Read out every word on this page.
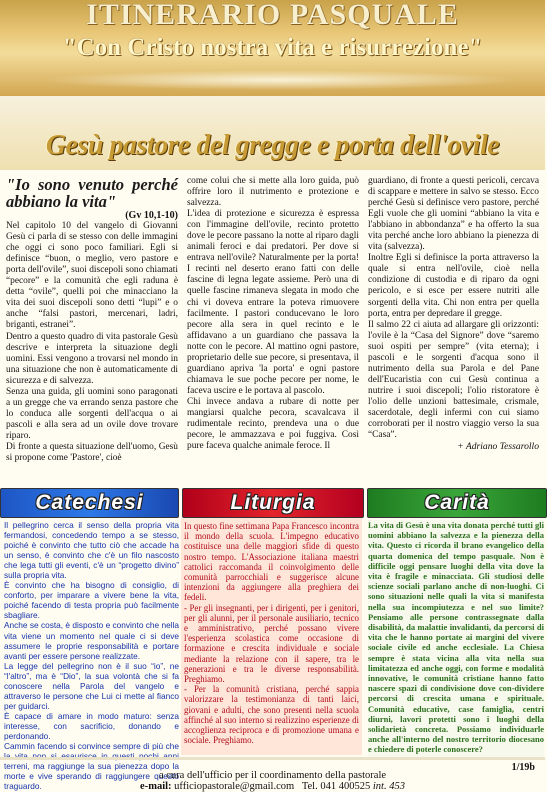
ITINERARIO PASQUALE
"Con Cristo nostra vita e risurrezione"
Gesù pastore del gregge e porta dell'ovile

"Io sono venuto perché abbiano la vita"

(Gv 10,1-10)

Nel capitolo 10 del vangelo di Giovanni Gesù ci parla di se stesso con delle immagini che oggi ci sono poco familiari. Egli si definisce “buon, o meglio, vero pastore e porta dell'ovile”, suoi discepoli sono chiamati “pecore” e la comunità che egli raduna è detta “ovile”, quelli poi che minacciano la vita dei suoi discepoli sono detti “lupi” e o anche “falsi pastori, mercenari, ladri, briganti, estranei”.

Dentro a questo quadro di vita pastorale Gesù descrive e interpreta la situazione degli uomini. Essi vengono a trovarsi nel mondo in una situazione che non è automaticamente di sicurezza e di salvezza.

Senza una guida, gli uomini sono paragonati a un gregge che va errando senza pastore che lo conduca alle sorgenti dell'acqua o ai pascoli e alla sera ad un ovile dove trovare riparo.

Di fronte a questa situazione dell'uomo, Gesù si propone come 'Pastore', cioè

come colui che si mette alla loro guida, può offrire loro il nutrimento e protezione e salvezza.

L'idea di protezione e sicurezza è espressa con l'immagine dell'ovile, recinto protetto dove le pecore passano la notte al riparo dagli animali feroci e dai predatori. Per dove si entrava nell'ovile? Naturalmente per la porta! I recinti nel deserto erano fatti con delle fascine di legna legate assieme. Però una di quelle fascine rimaneva slegata in modo che chi vi doveva entrare la poteva rimuovere facilmente. I pastori conducevano le loro pecore alla sera in quel recinto e le affidavano a un guardiano che passava la notte con le pecore. Al mattino ogni pastore, proprietario delle sue pecore, si presentava, il guardiano apriva 'la porta' e ogni pastore chiamava le sue poche pecore per nome, le faceva uscire e le portava al pascolo.

Chi invece andava a rubare di notte per mangiarsi qualche pecora, scavalcava il rudimentale recinto, prendeva una o due pecore, le ammazzava e poi fuggiva. Così pure faceva qualche animale feroce. Il

guardiano, di fronte a questi pericoli, cercava di scappare e mettere in salvo se stesso. Ecco perché Gesù si definisce vero pastore, perché Egli vuole che gli uomini “abbiano la vita e l'abbiano in abbondanza” e ha offerto la sua vita perché anche loro abbiano la pienezza di vita (salvezza).

Inoltre Egli si definisce la porta attraverso la quale si entra nell'ovile, cioè nella condizione di custodia e di riparo da ogni pericolo, e si esce per essere nutriti alle sorgenti della vita. Chi non entra per quella porta, entra per depredare il gregge.

Il salmo 22 ci aiuta ad allargare gli orizzonti: l'ovile è la “Casa del Signore” dove “saremo suoi ospiti per sempre” (vita eterna); i pascoli e le sorgenti d'acqua sono il nutrimento della sua Parola e del Pane dell'Eucaristia con cui Gesù continua a nutrire i suoi discepoli; l'olio ristoratore è l'olio delle unzioni battesimale, crismale, sacerdotale, degli infermi con cui siamo corroborati per il nostro viaggio verso la sua “Casa”.

+ Adriano Tessarollo

Catechesi	Liturgia	Carità

Il pellegrino cerca il senso della propria vita fermandosi, concedendo tempo a se stesso, poiché è convinto che tutto ciò che accade ha un senso, è convinto che c'è un filo nascosto che lega tutti gli eventi, c'è un “progetto divino” sulla propria vita.
È convinto che ha bisogno di consiglio, di conforto, per imparare a vivere bene la vita, poiché facendo di testa propria può facilmente sbagliare.
Anche se costa, è disposto e convinto che nella vita viene un momento nel quale ci si deve assumere le proprie responsabilità e portare avanti per essere persone realizzate.
La legge del pellegrino non è il suo “io”, ne “l'altro”, ma è “Dio”, la sua volontà che si fa conoscere nella Parola del vangelo e attraverso le persone che Lui ci mette al fianco per guidarci.
È capace di amare in modo maturo: senza interesse, con sacrificio, donando e perdonando.
Cammin facendo si convince sempre di più che terreni, ma raggiunge la sua pienezza dopo la morte e vive sperando di raggiungere questo traguardo.

In questo fine settimana Papa Francesco incontra il mondo della scuola. L'impegno educativo costituisce una delle maggiori sfide di questo nostro tempo. L'Associazione italiana maestri cattolici raccomanda il coinvolgimento delle comunità parrocchiali e suggerisce alcune intenzioni da aggiungere alla preghiera dei fedeli.
- Per gli insegnanti, per i dirigenti, per i genitori, per gli alunni, per il personale ausiliario, tecnico e amministrativo, perché possano vivere l'esperienza scolastica come occasione di formazione e crescita individuale e sociale mediante la relazione con il sapere, tra le generazioni e tra le diverse responsabilità. Preghiamo.
- Per la comunità cristiana, perché sappia valorizzare la testimonianza di tanti laici, giovani e adulti, che sono presenti nella scuola affinché al suo interno si realizzino esperienze di accoglienza reciproca e di promozione umana e sociale. Preghiamo.

La vita di Gesù è una vita donata perché tutti gli uomini abbiano la salvezza e la pienezza della vita. Questo ci ricorda il brano evangelico della quarta domenica del tempo pasquale. Non è difficile oggi pensare luoghi della vita dove la vita è fragile e minacciata. Gli studiosi delle scienze sociali parlano anche di non-luoghi. Ci sono situazioni nelle quali la vita si manifesta nella sua incompiutezza e nel suo limite? Pensiamo alle persone contrassegnate dalla disabilità, da malattie invalidanti, da percorsi di vita che le hanno portate ai margini del vivere sociale civile ed anche ecclesiale. La Chiesa sempre è stata vicina alla vita nella sua limitatezza ed anche oggi, con forme e modalità innovative, le comunità cristiane hanno fatto nascere spazi di condivisione dove con-dividere percorsi di crescita umana e spirituale. Comunità educative, case famiglia, centri diurni, lavori protetti sono i luoghi della solidarietà concreta. Possiamo individuarle anche all'interno del nostro territorio diocesano e chiedere di poterle conoscere?

a cura dell'ufficio per il coordinamento della pastorale
e-mail: ufficiopastorale@gmail.com Tel. 041 400525 int. 453
1/19b
